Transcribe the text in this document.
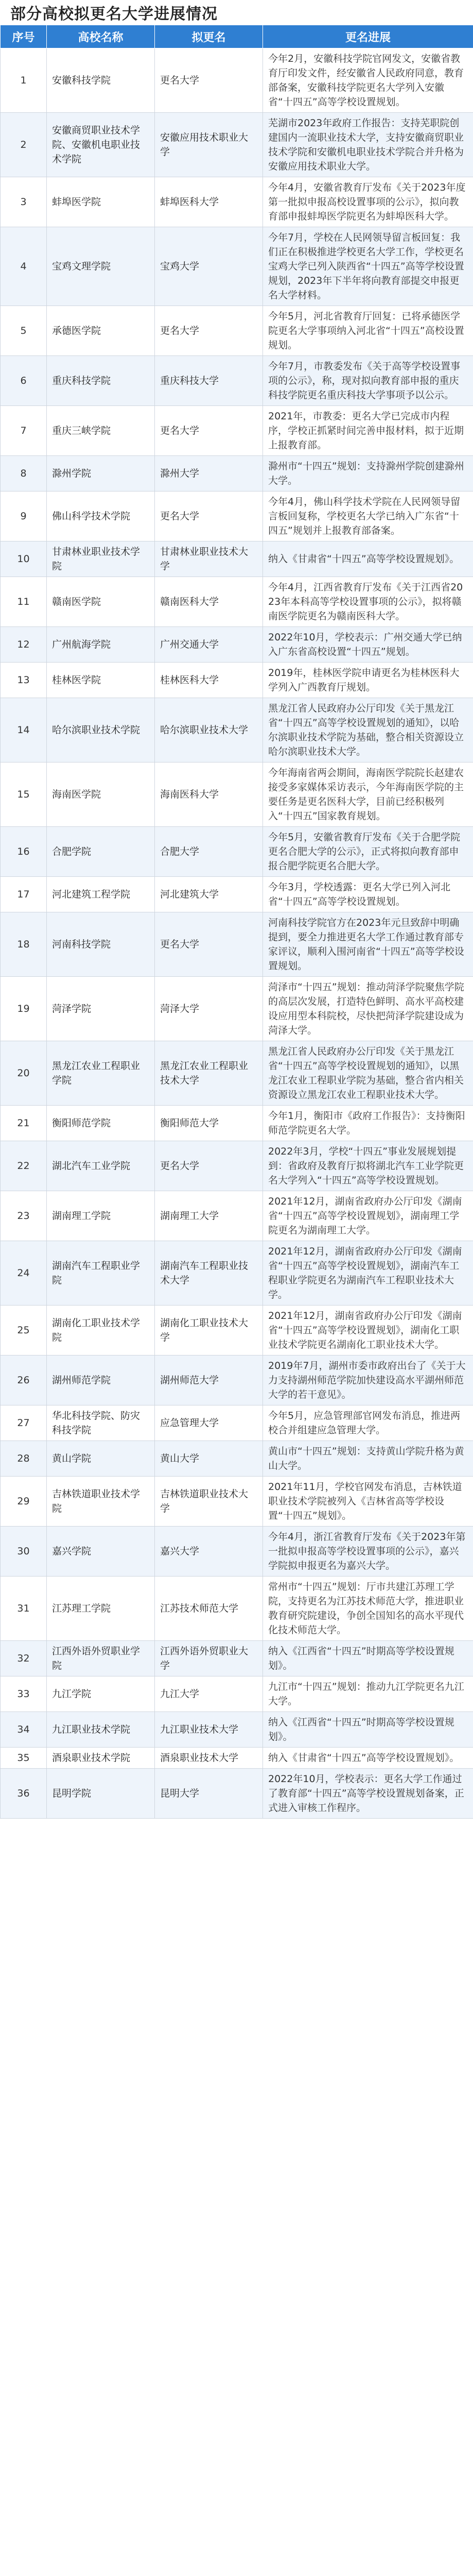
部分高校拟更名大学进展情况
序号	高校名称	拟更名	更名进展
1	安徽科技学院	更名大学	今年2月，安徽科技学院官网发文，安徽省教育厅印发文件，经安徽省人民政府同意，教育部备案，安徽科技学院更名大学列入安徽省“十四五”高等学校设置规划。
2	安徽商贸职业技术学院、安徽机电职业技术学院	安徽应用技术职业大学	芜湖市2023年政府工作报告：支持芜职院创建国内一流职业技术大学，支持安徽商贸职业技术学院和安徽机电职业技术学院合并升格为安徽应用技术职业大学。
3	蚌埠医学院	蚌埠医科大学	今年4月，安徽省教育厅发布《关于2023年度第一批拟申报高校设置事项的公示》，拟向教育部申报蚌埠医学院更名为蚌埠医科大学。
4	宝鸡文理学院	宝鸡大学	今年7月，学校在人民网领导留言板回复：我们正在积极推进学校更名大学工作，学校更名宝鸡大学已列入陕西省“十四五”高等学校设置规划，2023年下半年将向教育部提交申报更名大学材料。
5	承德医学院	更名大学	今年5月，河北省教育厅回复：已将承德医学院更名大学事项纳入河北省“十四五”高校设置规划。
6	重庆科技学院	重庆科技大学	今年7月，市教委发布《关于高等学校设置事项的公示》，称，现对拟向教育部申报的重庆科技学院更名重庆科技大学事项予以公示。
7	重庆三峡学院	更名大学	2021年，市教委：更名大学已完成市内程序，学校正抓紧时间完善申报材料，拟于近期上报教育部。
8	滁州学院	滁州大学	滁州市“十四五”规划：支持滁州学院创建滁州大学。
9	佛山科学技术学院	更名大学	今年4月，佛山科学技术学院在人民网领导留言板回复称，学校更名大学已纳入广东省“十四五”规划并上报教育部备案。
10	甘肃林业职业技术学院	甘肃林业职业技术大学	纳入《甘肃省“十四五”高等学校设置规划》。
11	赣南医学院	赣南医科大学	今年4月，江西省教育厅发布《关于江西省2023年本科高等学校设置事项的公示》，拟将赣南医学院更名为赣南医科大学。
12	广州航海学院	广州交通大学	2022年10月，学校表示：广州交通大学已纳入广东省高校设置“十四五”规划。
13	桂林医学院	桂林医科大学	2019年，桂林医学院申请更名为桂林医科大学列入广西教育厅规划。
14	哈尔滨职业技术学院	哈尔滨职业技术大学	黑龙江省人民政府办公厅印发《关于黑龙江省“十四五”高等学校设置规划的通知》，以哈尔滨职业技术学院为基础，整合相关资源设立哈尔滨职业技术大学。
15	海南医学院	海南医科大学	今年海南省两会期间，海南医学院院长赵建农接受多家媒体采访表示，今年海南医学院的主要任务是更名医科大学，目前已经积极列入“十四五”国家教育规划。
16	合肥学院	合肥大学	今年5月，安徽省教育厅发布《关于合肥学院更名合肥大学的公示》，正式将拟向教育部申报合肥学院更名合肥大学。
17	河北建筑工程学院	河北建筑大学	今年3月，学校透露：更名大学已列入河北省“十四五”高等学校设置规划。
18	河南科技学院	更名大学	河南科技学院官方在2023年元旦致辞中明确提到，要全力推进更名大学工作通过教育部专家评议，顺利入围河南省“十四五”高等学校设置规划。
19	菏泽学院	菏泽大学	菏泽市“十四五”规划：推动菏泽学院聚焦学院的高层次发展，打造特色鲜明、高水平高校建设应用型本科院校，尽快把菏泽学院建设成为菏泽大学。
20	黑龙江农业工程职业学院	黑龙江农业工程职业技术大学	黑龙江省人民政府办公厅印发《关于黑龙江省“十四五”高等学校设置规划的通知》，以黑龙江农业工程职业学院为基础，整合省内相关资源设立黑龙江农业工程职业技术大学。
21	衡阳师范学院	衡阳师范大学	今年1月，衡阳市《政府工作报告》：支持衡阳师范学院更名大学。
22	湖北汽车工业学院	更名大学	2022年3月，学校“十四五”事业发展规划提到：省政府及教育厅拟将湖北汽车工业学院更名大学列入“十四五”高等学校设置规划。
23	湖南理工学院	湖南理工大学	2021年12月，湖南省政府办公厅印发《湖南省“十四五”高等学校设置规划》，湖南理工学院更名为湖南理工大学。
24	湖南汽车工程职业学院	湖南汽车工程职业技术大学	2021年12月，湖南省政府办公厅印发《湖南省“十四五”高等学校设置规划》，湖南汽车工程职业学院更名为湖南汽车工程职业技术大学。
25	湖南化工职业技术学院	湖南化工职业技术大学	2021年12月，湖南省政府办公厅印发《湖南省“十四五”高等学校设置规划》，湖南化工职业技术学院更名湖南化工职业技术大学。
26	湖州师范学院	湖州师范大学	2019年7月，湖州市委市政府出台了《关于大力支持湖州师范学院加快建设高水平湖州师范大学的若干意见》。
27	华北科技学院、防灾科技学院	应急管理大学	今年5月，应急管理部官网发布消息，推进两校合并组建应急管理大学。
28	黄山学院	黄山大学	黄山市“十四五”规划：支持黄山学院升格为黄山大学。
29	吉林铁道职业技术学院	吉林铁道职业技术大学	2021年11月，学校官网发布消息，吉林铁道职业技术学院被列入《吉林省高等学校设置“十四五”规划》。
30	嘉兴学院	嘉兴大学	今年4月，浙江省教育厅发布《关于2023年第一批拟申报高等学校设置事项的公示》，嘉兴学院拟申报更名为嘉兴大学。
31	江苏理工学院	江苏技术师范大学	常州市“十四五”规划：厅市共建江苏理工学院，支持更名为江苏技术师范大学，推进职业教育研究院建设，争创全国知名的高水平现代化技术师范大学。
32	江西外语外贸职业学院	江西外语外贸职业大学	纳入《江西省“十四五”时期高等学校设置规划》。
33	九江学院	九江大学	九江市“十四五”规划：推动九江学院更名九江大学。
34	九江职业技术学院	九江职业技术大学	纳入《江西省“十四五”时期高等学校设置规划》。
35	酒泉职业技术学院	酒泉职业技术大学	纳入《甘肃省“十四五”高等学校设置规划》。
36	昆明学院	昆明大学	2022年10月，学校表示：更名大学工作通过了教育部“十四五”高等学校设置规划备案，正式进入审核工作程序。
